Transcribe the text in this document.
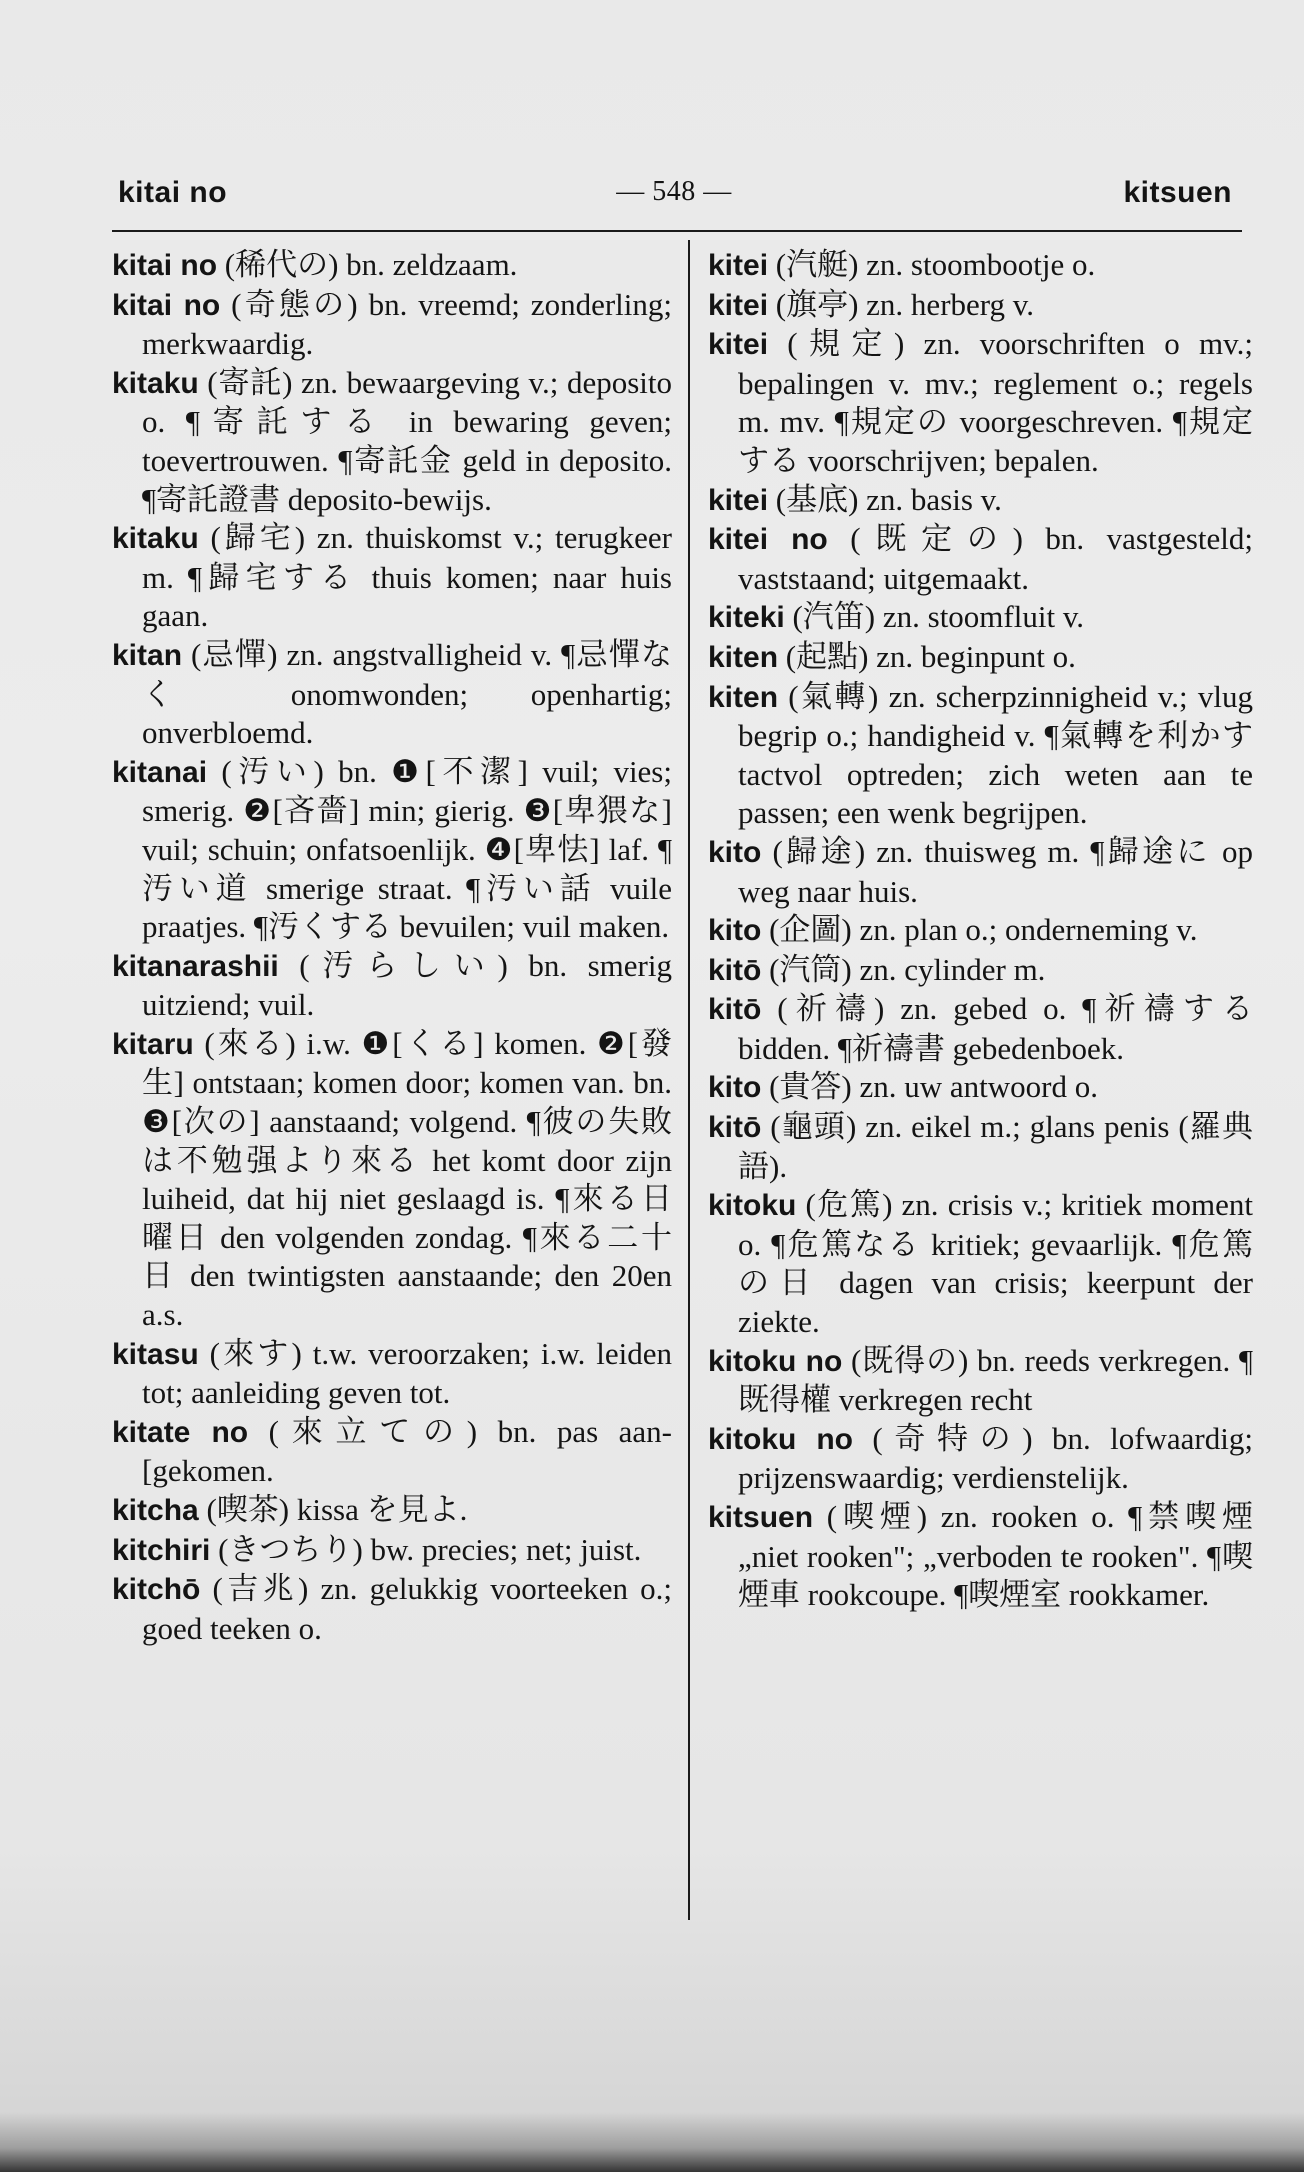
kitai no	— 548 —	kitsuen

kitai no (稀代の) bn. zeldzaam.

kitai no (奇態の) bn. vreemd; zonderling; merkwaardig.

kitaku (寄託) zn. bewaargeving v.; deposito o. ¶寄託する in bewaring geven; toevertrouwen. ¶寄託金 geld in deposito. ¶寄託證書 deposito-bewijs.

kitaku (歸宅) zn. thuiskomst v.; terugkeer m. ¶歸宅する thuis komen; naar huis gaan.

kitan (忌憚) zn. angstvalligheid v. ¶忌憚なく onomwonden; openhartig; onverbloemd.

kitanai (汚い) bn. ❶[不潔] vuil; vies; smerig. ❷[吝嗇] min; gierig. ❸[卑猥な] vuil; schuin; onfatsoenlijk. ❹[卑怯] laf. ¶汚い道 smerige straat. ¶汚い話 vuile praatjes. ¶汚くする bevuilen; vuil maken.

kitanarashii (汚らしい) bn. smerig uitziend; vuil.

kitaru (來る) i.w. ❶[くる] komen. ❷[發生] ontstaan; komen door; komen van. bn. ❸[次の] aanstaand; volgend. ¶彼の失敗は不勉强より來る het komt door zijn luiheid, dat hij niet geslaagd is. ¶來る日曜日 den volgenden zondag. ¶來る二十日 den twintigsten aanstaande; den 20en a.s.

kitasu (來す) t.w. veroorzaken; i.w. leiden tot; aanleiding geven tot.

kitate no (來立ての) bn. pas aan- [gekomen.

kitcha (喫茶) kissa を見よ.

kitchiri (きつちり) bw. precies; net; juist.

kitchō (吉兆) zn. gelukkig voorteeken o.; goed teeken o.

kitei (汽艇) zn. stoombootje o.

kitei (旗亭) zn. herberg v.

kitei (規定) zn. voorschriften o mv.; bepalingen v. mv.; reglement o.; regels m. mv. ¶規定の voorgeschreven. ¶規定する voorschrijven; bepalen.

kitei (基底) zn. basis v.

kitei no (既定の) bn. vastgesteld; vaststaand; uitgemaakt.

kiteki (汽笛) zn. stoomfluit v.

kiten (起點) zn. beginpunt o.

kiten (氣轉) zn. scherpzinnigheid v.; vlug begrip o.; handigheid v. ¶氣轉を利かす tactvol optreden; zich weten aan te passen; een wenk begrijpen.

kito (歸途) zn. thuisweg m. ¶歸途に op weg naar huis.

kito (企圖) zn. plan o.; onderneming v.

kitō (汽筒) zn. cylinder m.

kitō (祈禱) zn. gebed o. ¶祈禱する bidden. ¶祈禱書 gebedenboek.

kito (貴答) zn. uw antwoord o.

kitō (龜頭) zn. eikel m.; glans penis (羅典語).

kitoku (危篤) zn. crisis v.; kritiek moment o. ¶危篤なる kritiek; gevaarlijk. ¶危篤の日 dagen van crisis; keerpunt der ziekte.

kitoku no (既得の) bn. reeds verkregen. ¶既得權 verkregen recht

kitoku no (奇特の) bn. lofwaardig; prijzenswaardig; verdienstelijk.

kitsuen (喫煙) zn. rooken o. ¶禁喫煙 „niet rooken"; „verboden te rooken". ¶喫煙車 rookcoupe. ¶喫煙室 rookkamer.
